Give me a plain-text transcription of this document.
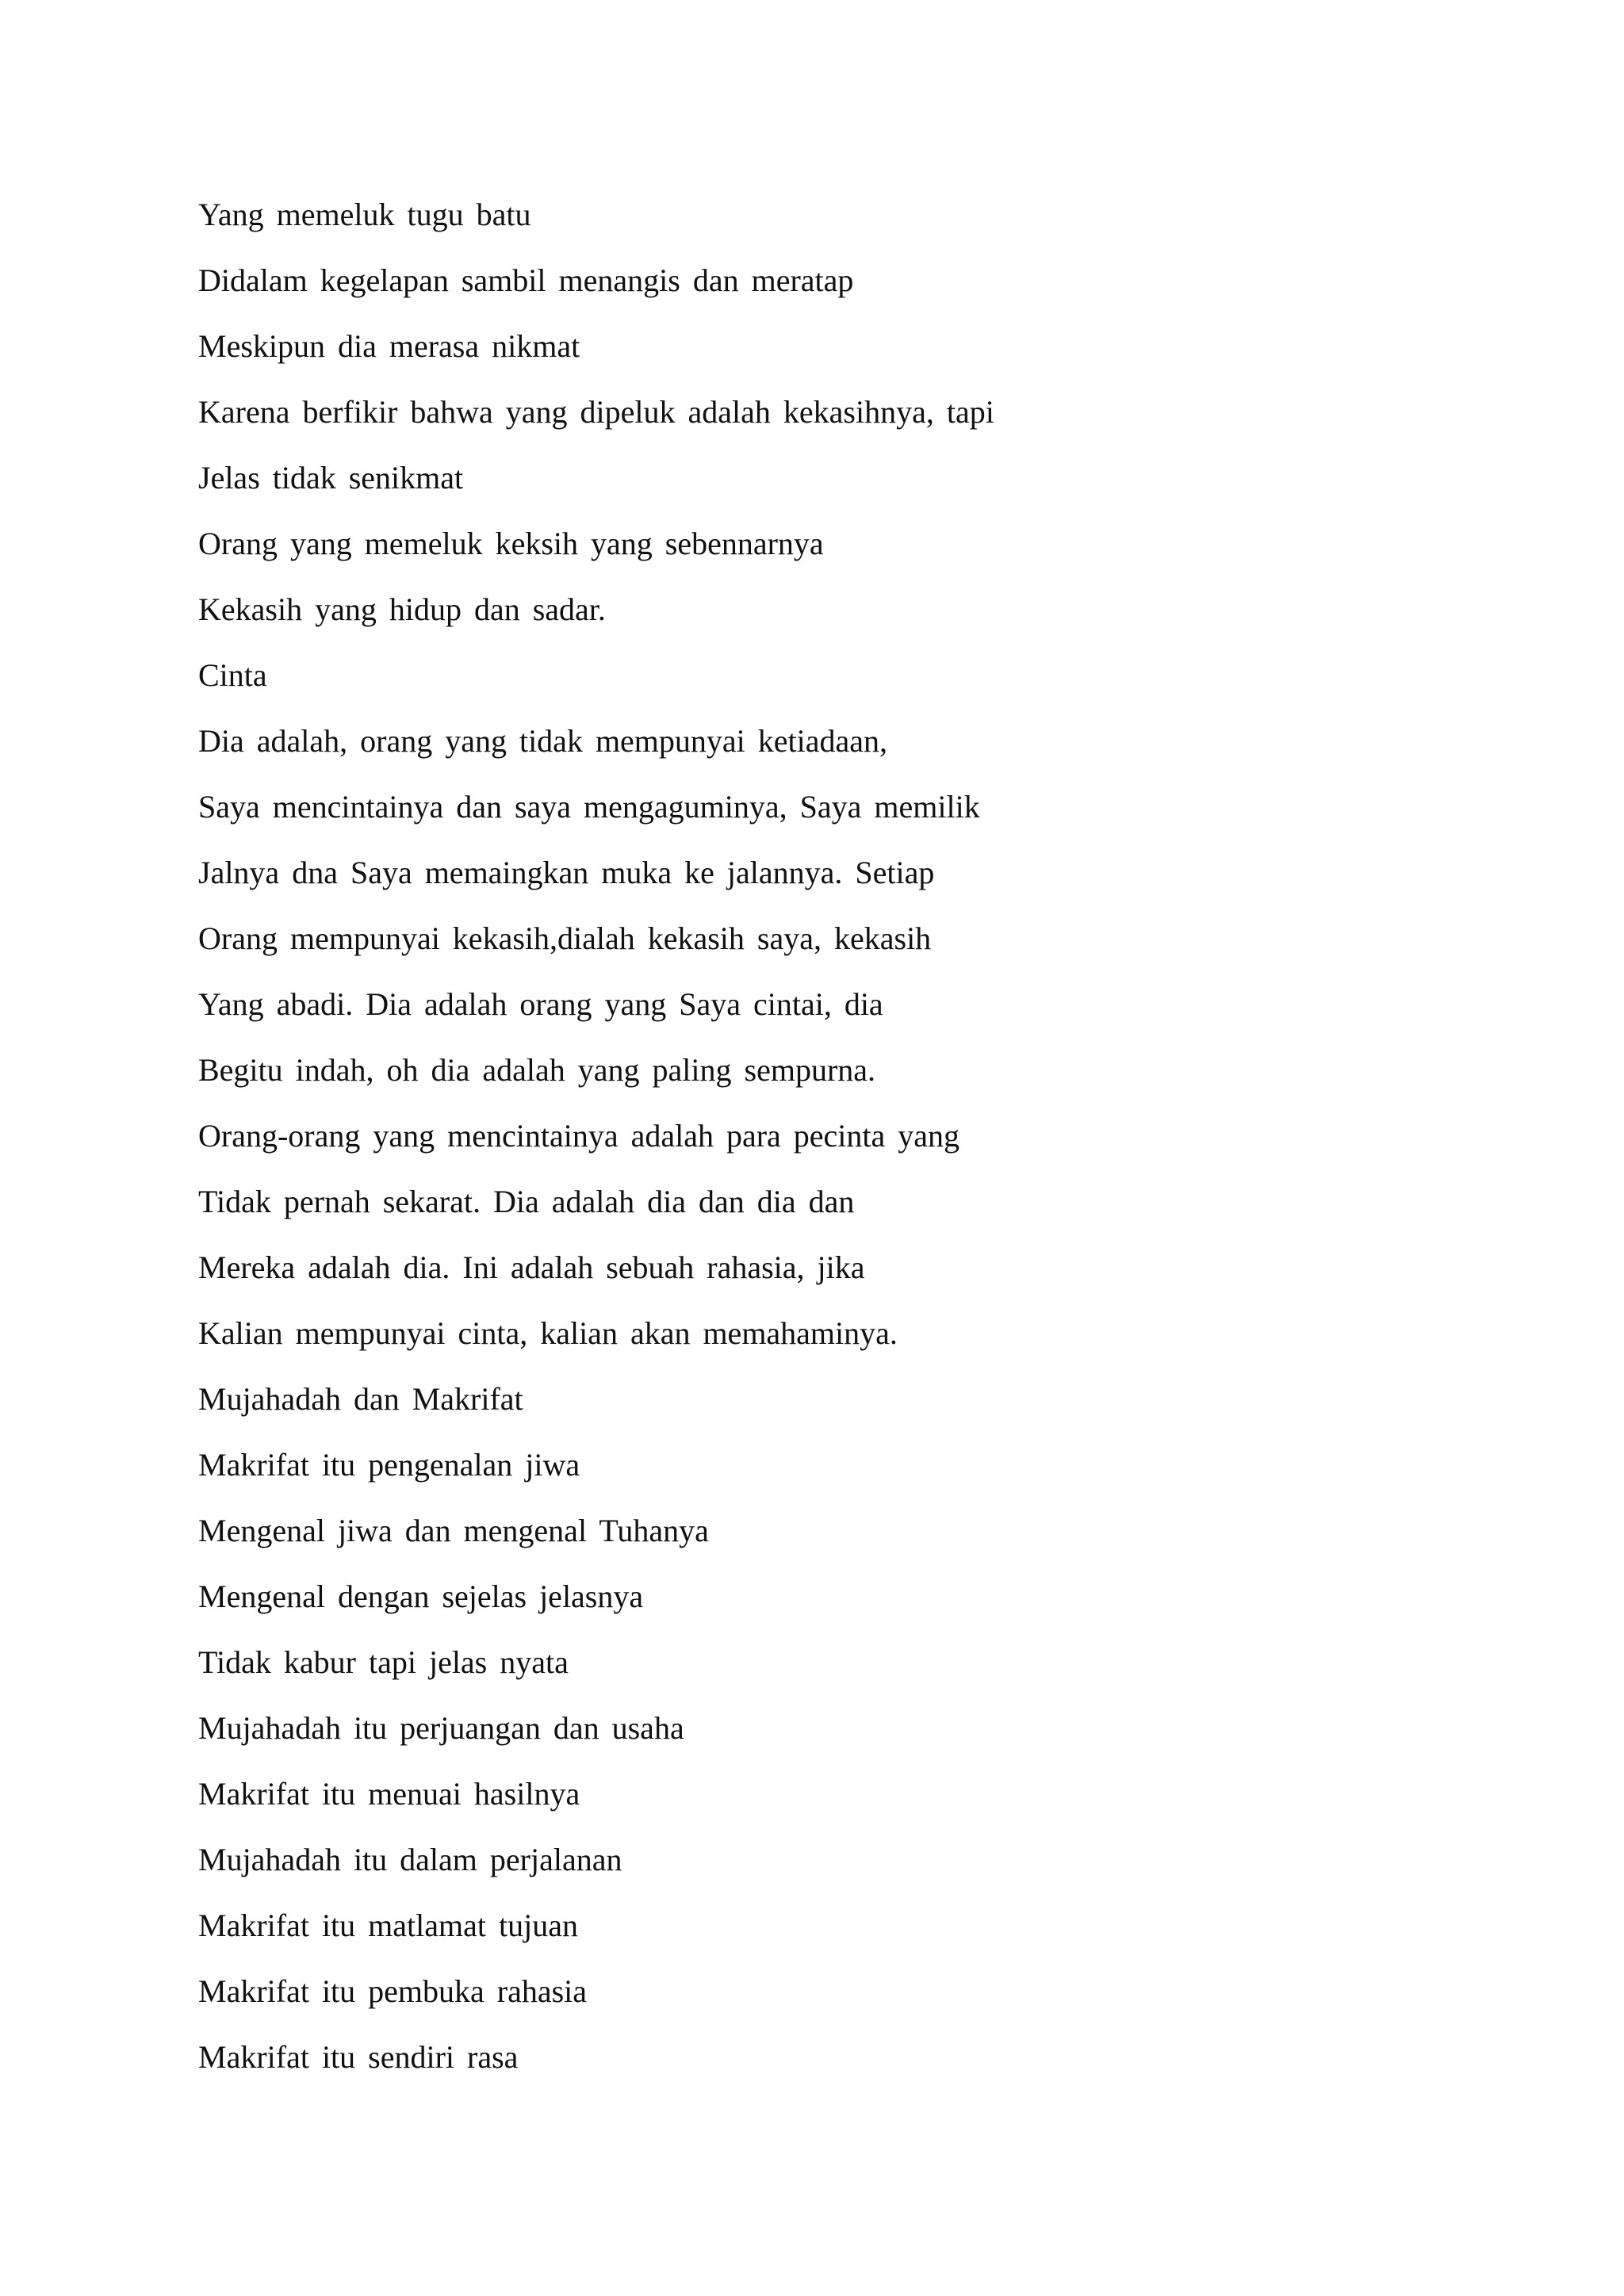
Yang memeluk tugu batu
Didalam kegelapan sambil menangis dan meratap
Meskipun dia merasa nikmat
Karena berfikir bahwa yang dipeluk adalah kekasihnya, tapi
Jelas tidak senikmat
Orang yang memeluk keksih yang sebennarnya
Kekasih yang hidup dan sadar.
Cinta
Dia adalah, orang yang tidak mempunyai ketiadaan,
Saya mencintainya dan saya mengaguminya, Saya memilik
Jalnya dna Saya memaingkan muka ke jalannya. Setiap
Orang mempunyai kekasih,dialah kekasih saya, kekasih
Yang abadi. Dia adalah orang yang Saya cintai, dia
Begitu indah, oh dia adalah yang paling sempurna.
Orang-orang yang mencintainya adalah para pecinta yang
Tidak pernah sekarat. Dia adalah dia dan dia dan
Mereka adalah dia. Ini adalah sebuah rahasia, jika
Kalian mempunyai cinta, kalian akan memahaminya.
Mujahadah dan Makrifat
Makrifat itu pengenalan jiwa
Mengenal jiwa dan mengenal Tuhanya
Mengenal dengan sejelas jelasnya
Tidak kabur tapi jelas nyata
Mujahadah itu perjuangan dan usaha
Makrifat itu menuai hasilnya
Mujahadah itu dalam perjalanan
Makrifat itu matlamat tujuan
Makrifat itu pembuka rahasia
Makrifat itu sendiri rasa
